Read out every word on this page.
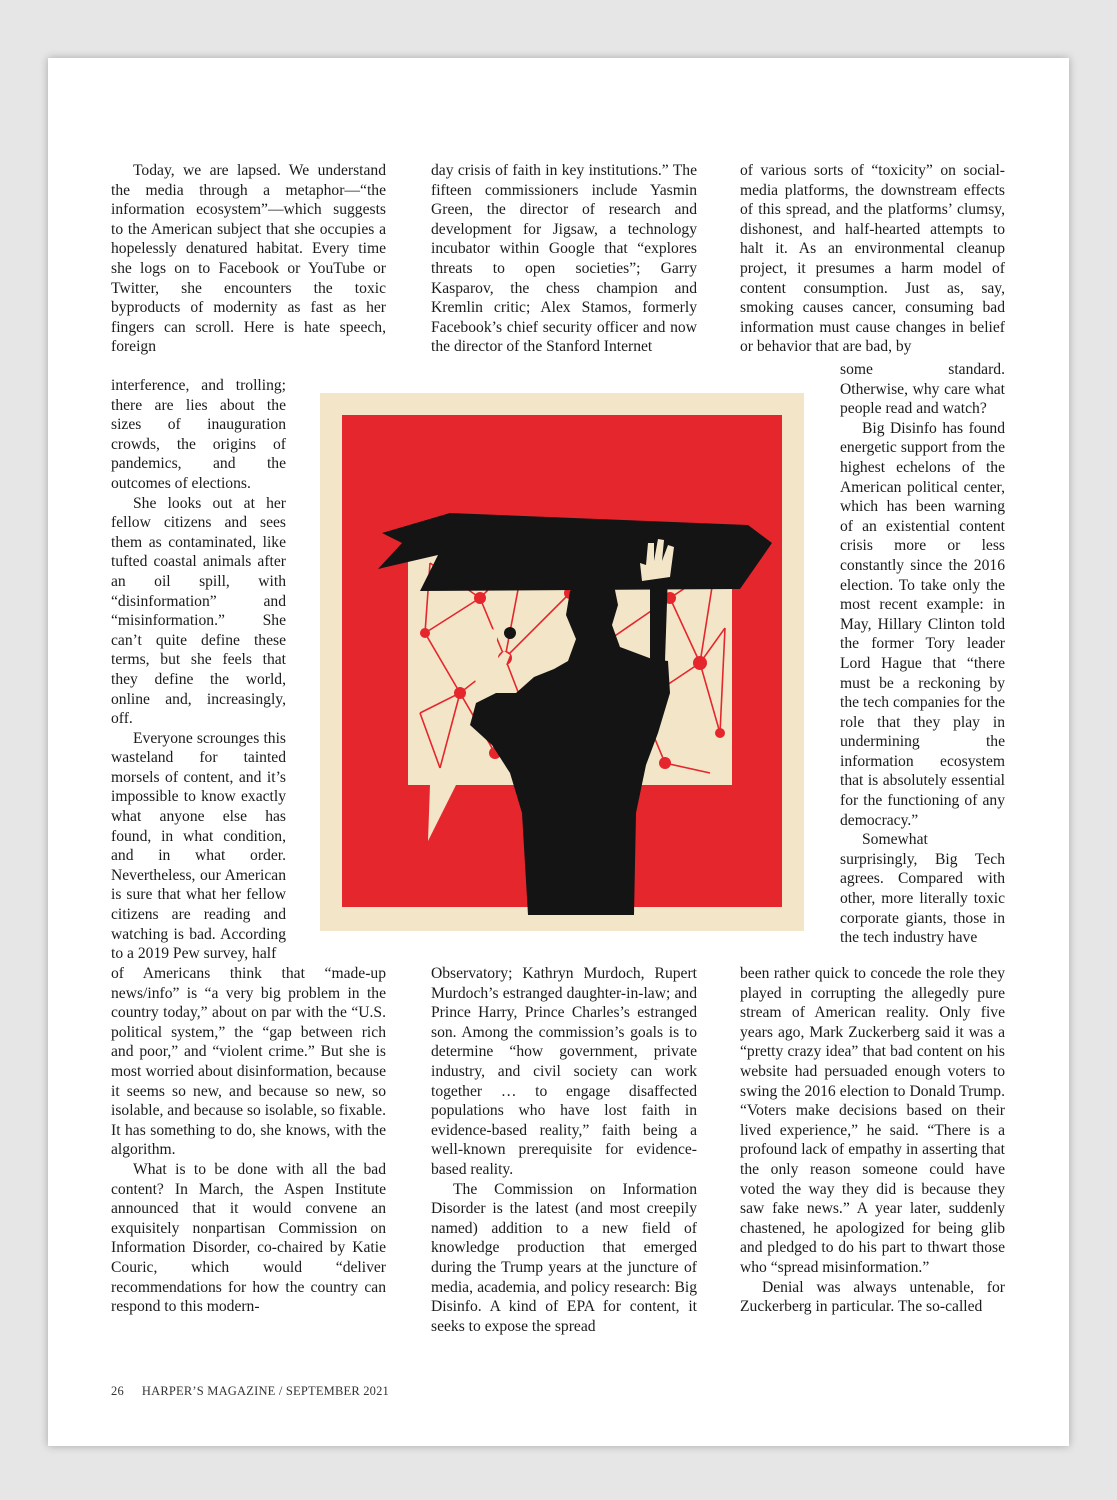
Today, we are lapsed. We understand the media through a metaphor—“the information ecosystem”—which suggests to the American subject that she occupies a hopelessly denatured habitat. Every time she logs on to Facebook or YouTube or Twitter, she encounters the toxic byproducts of modernity as fast as her fingers can scroll. Here is hate speech, foreign

interference, and trolling; there are lies about the sizes of inauguration crowds, the origins of pandemics, and the outcomes of elections.

She looks out at her fellow citizens and sees them as contaminated, like tufted coastal animals after an oil spill, with “disinformation” and “misinformation.” She can’t quite define these terms, but she feels that they define the world, online and, increasingly, off.

Everyone scrounges this wasteland for tainted morsels of content, and it’s impossible to know exactly what anyone else has found, in what condition, and in what order. Nevertheless, our American is sure that what her fellow citizens are reading and watching is bad. According to a 2019 Pew survey, half

of Americans think that “made-up news/info” is “a very big problem in the country today,” about on par with the “U.S. political system,” the “gap between rich and poor,” and “violent crime.” But she is most worried about disinformation, because it seems so new, and because so new, so isolable, and because so isolable, so fixable. It has something to do, she knows, with the algorithm.

What is to be done with all the bad content? In March, the Aspen Institute announced that it would convene an exquisitely nonpartisan Commission on Information Disorder, co-chaired by Katie Couric, which would “deliver recommendations for how the country can respond to this modern-

day crisis of faith in key institutions.” The fifteen commissioners include Yasmin Green, the director of research and development for Jigsaw, a technology incubator within Google that “explores threats to open societies”; Garry Kasparov, the chess champion and Kremlin critic; Alex Stamos, formerly Facebook’s chief security officer and now the director of the Stanford Internet

Observatory; Kathryn Murdoch, Rupert Murdoch’s estranged daughter-in-law; and Prince Harry, Prince Charles’s estranged son. Among the commission’s goals is to determine “how government, private industry, and civil society can work together … to engage disaffected populations who have lost faith in evidence-based reality,” faith being a well-known prerequisite for evidence-based reality.

The Commission on Information Disorder is the latest (and most creepily named) addition to a new field of knowledge production that emerged during the Trump years at the juncture of media, academia, and policy research: Big Disinfo. A kind of EPA for content, it seeks to expose the spread

of various sorts of “toxicity” on social-media platforms, the downstream effects of this spread, and the platforms’ clumsy, dishonest, and half-hearted attempts to halt it. As an environmental cleanup project, it presumes a harm model of content consumption. Just as, say, smoking causes cancer, consuming bad information must cause changes in belief or behavior that are bad, by

some standard. Otherwise, why care what people read and watch?

Big Disinfo has found energetic support from the highest echelons of the American political center, which has been warning of an existential content crisis more or less constantly since the 2016 election. To take only the most recent example: in May, Hillary Clinton told the former Tory leader Lord Hague that “there must be a reckoning by the tech companies for the role that they play in undermining the information ecosystem that is absolutely essential for the functioning of any democracy.”

Somewhat surprisingly, Big Tech agrees. Compared with other, more literally toxic corporate giants, those in the tech industry have

been rather quick to concede the role they played in corrupting the allegedly pure stream of American reality. Only five years ago, Mark Zuckerberg said it was a “pretty crazy idea” that bad content on his website had persuaded enough voters to swing the 2016 election to Donald Trump. “Voters make decisions based on their lived experience,” he said. “There is a profound lack of empathy in asserting that the only reason someone could have voted the way they did is because they saw fake news.” A year later, suddenly chastened, he apologized for being glib and pledged to do his part to thwart those who “spread misinformation.”

Denial was always untenable, for Zuckerberg in particular. The so-called

26 HARPER’S MAGAZINE / SEPTEMBER 2021
